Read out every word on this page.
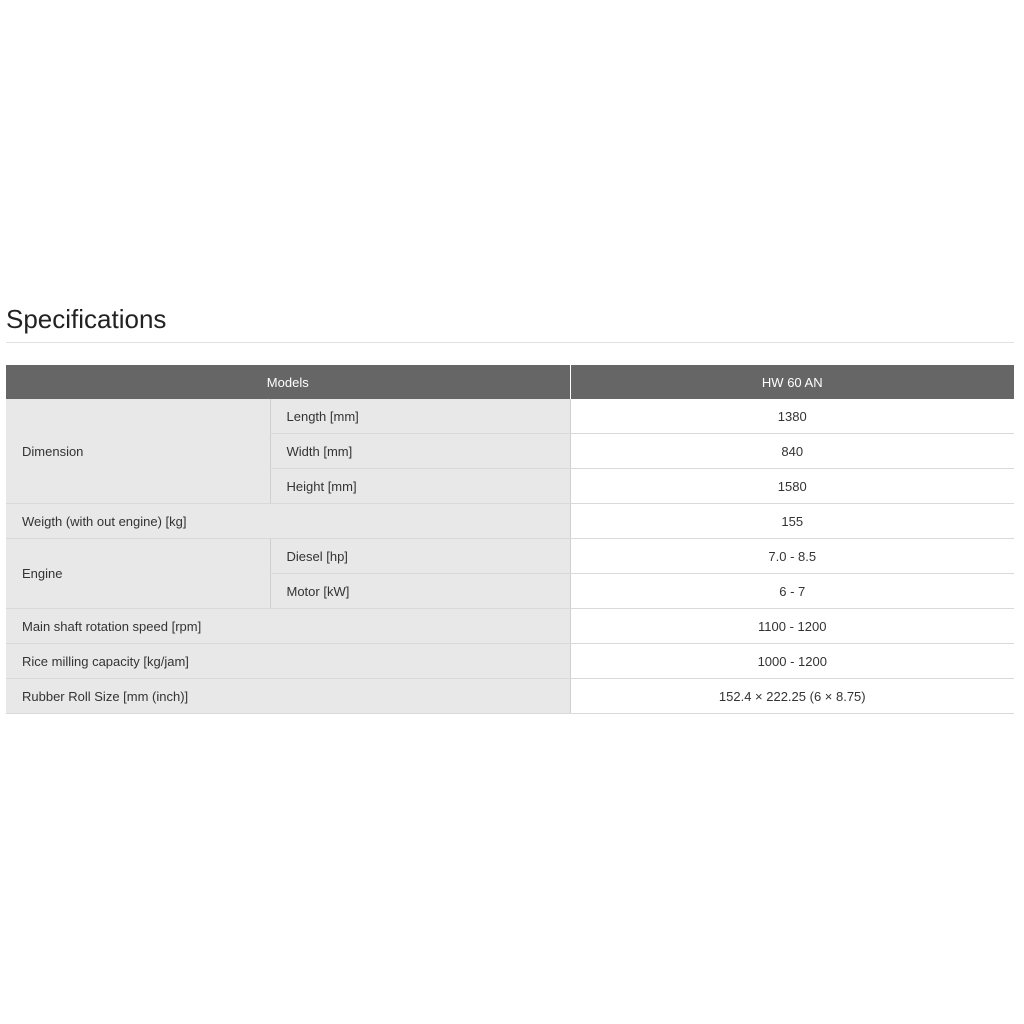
Specifications
Models		HW 60 AN
Dimension	Length [mm]	1380
	Width [mm]	840
	Height [mm]	1580
Weigth (with out engine) [kg]		155
Engine	Diesel [hp]	7.0 - 8.5
	Motor [kW]	6 - 7
Main shaft rotation speed [rpm]		1100 - 1200
Rice milling capacity [kg/jam]		1000 - 1200
Rubber Roll Size [mm (inch)]		152.4 × 222.25 (6 × 8.75)
